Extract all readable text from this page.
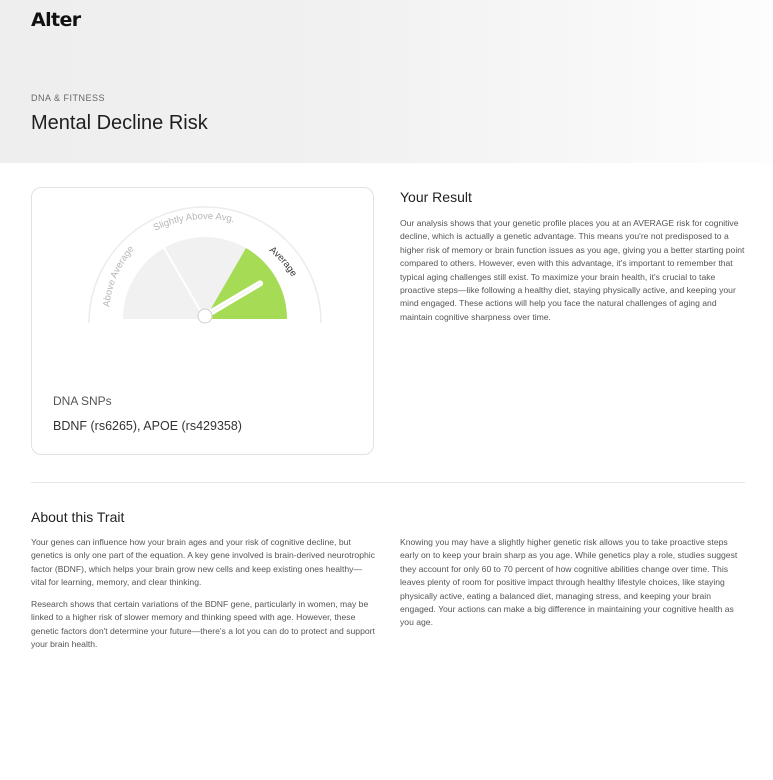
Alter
DNA & FITNESS
Mental Decline Risk
Above Average
Slightly Above Avg.
Average
DNA SNPs
BDNF (rs6265), APOE (rs429358)
Your Result

Our analysis shows that your genetic profile places you at an AVERAGE risk for cognitive decline, which is actually a genetic advantage. This means you're not predisposed to a higher risk of memory or brain function issues as you age, giving you a better starting point compared to others. However, even with this advantage, it's important to remember that typical aging challenges still exist. To maximize your brain health, it's crucial to take proactive steps—like following a healthy diet, staying physically active, and keeping your mind engaged. These actions will help you face the natural challenges of aging and maintain cognitive sharpness over time.

About this Trait

Your genes can influence how your brain ages and your risk of cognitive decline, but genetics is only one part of the equation. A key gene involved is brain-derived neurotrophic factor (BDNF), which helps your brain grow new cells and keep existing ones healthy—vital for learning, memory, and clear thinking.

Research shows that certain variations of the BDNF gene, particularly in women, may be linked to a higher risk of slower memory and thinking speed with age. However, these genetic factors don't determine your future—there's a lot you can do to protect and support your brain health.

Knowing you may have a slightly higher genetic risk allows you to take proactive steps early on to keep your brain sharp as you age. While genetics play a role, studies suggest they account for only 60 to 70 percent of how cognitive abilities change over time. This leaves plenty of room for positive impact through healthy lifestyle choices, like staying physically active, eating a balanced diet, managing stress, and keeping your brain engaged. Your actions can make a big difference in maintaining your cognitive health as you age.
